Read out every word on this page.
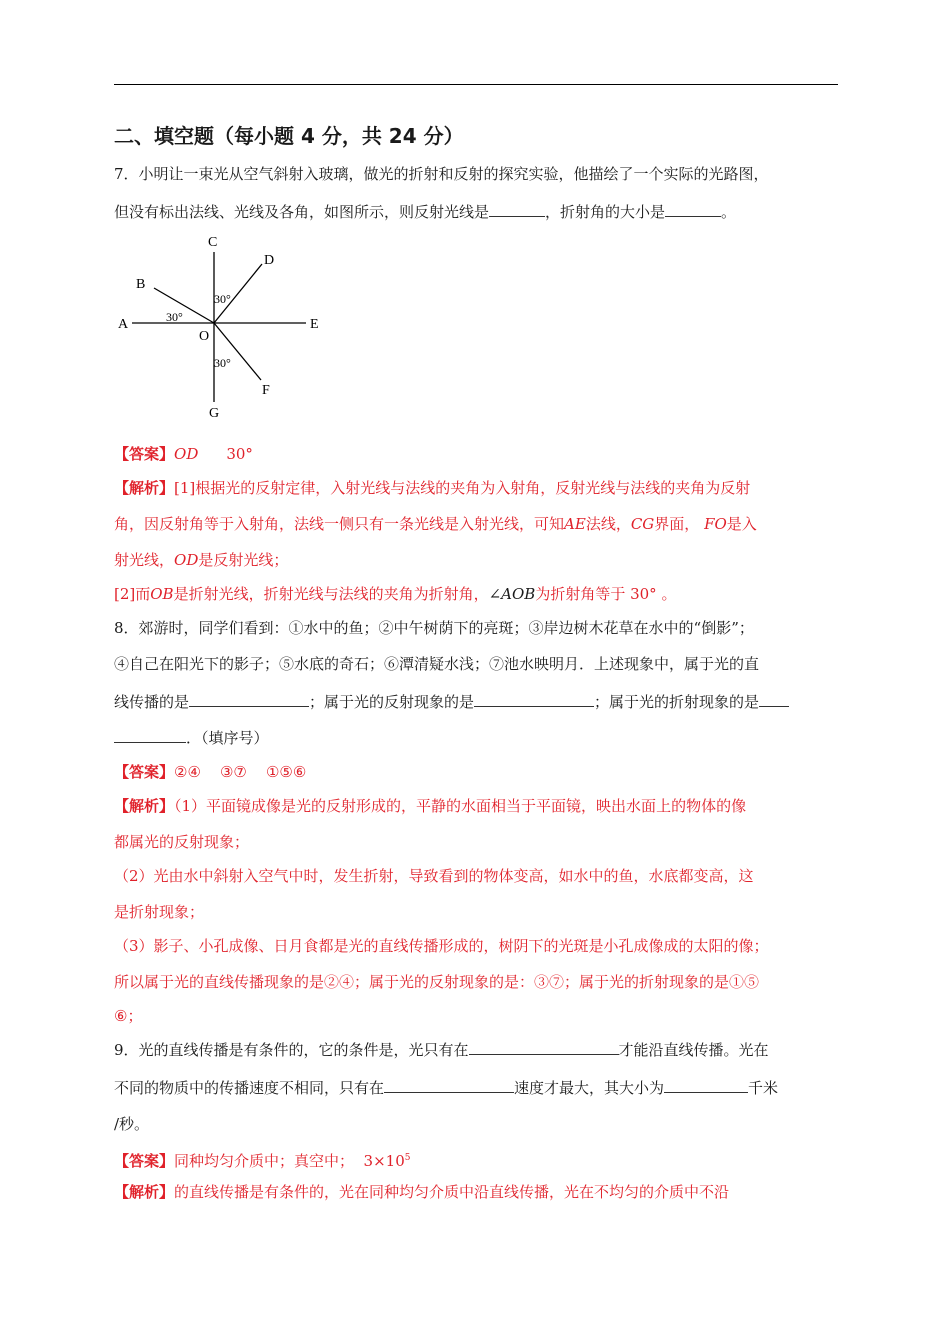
二、填空题（每小题 4 分，共 24 分）
7．小明让一束光从空气斜射入玻璃，做光的折射和反射的探究实验，他描绘了一个实际的光路图，
但没有标出法线、光线及各角，如图所示，则反射光线是	，折射角的大小是	。
C
D
B
A	E
O
F
G
30°
30°
30°
【答案】OD 30°
【解析】[1]根据光的反射定律，入射光线与法线的夹角为入射角，反射光线与法线的夹角为反射
角，因反射角等于入射角，法线一侧只有一条光线是入射光线，可知AE法线，CG界面， FO是入
射光线，OD是反射光线；
[2]而OB是折射光线，折射光线与法线的夹角为折射角，∠AOB为折射角等于 30° 。
8．郊游时，同学们看到：①水中的鱼；②中午树荫下的亮斑；③岸边树木花草在水中的“倒影”；
④自己在阳光下的影子；⑤水底的奇石；⑥潭清疑水浅；⑦池水映明月．上述现象中，属于光的直
线传播的是	；属于光的反射现象的是	；属于光的折射现象的是
．（填序号）
【答案】②④    ③⑦    ①⑤⑥
【解析】（1）平面镜成像是光的反射形成的，平静的水面相当于平面镜，映出水面上的物体的像
都属光的反射现象；
（2）光由水中斜射入空气中时，发生折射，导致看到的物体变高，如水中的鱼，水底都变高，这
是折射现象；
（3）影子、小孔成像、日月食都是光的直线传播形成的，树阴下的光斑是小孔成像成的太阳的像；
所以属于光的直线传播现象的是②④；属于光的反射现象的是：③⑦；属于光的折射现象的是①⑤
⑥；
9．光的直线传播是有条件的，它的条件是，光只有在	才能沿直线传播。光在
不同的物质中的传播速度不相同，只有在	速度才最大，其大小为	千米
/秒。
【答案】同种均匀介质中；真空中；  $3\times 10^5$
【解析】的直线传播是有条件的，光在同种均匀介质中沿直线传播，光在不均匀的介质中不沿
